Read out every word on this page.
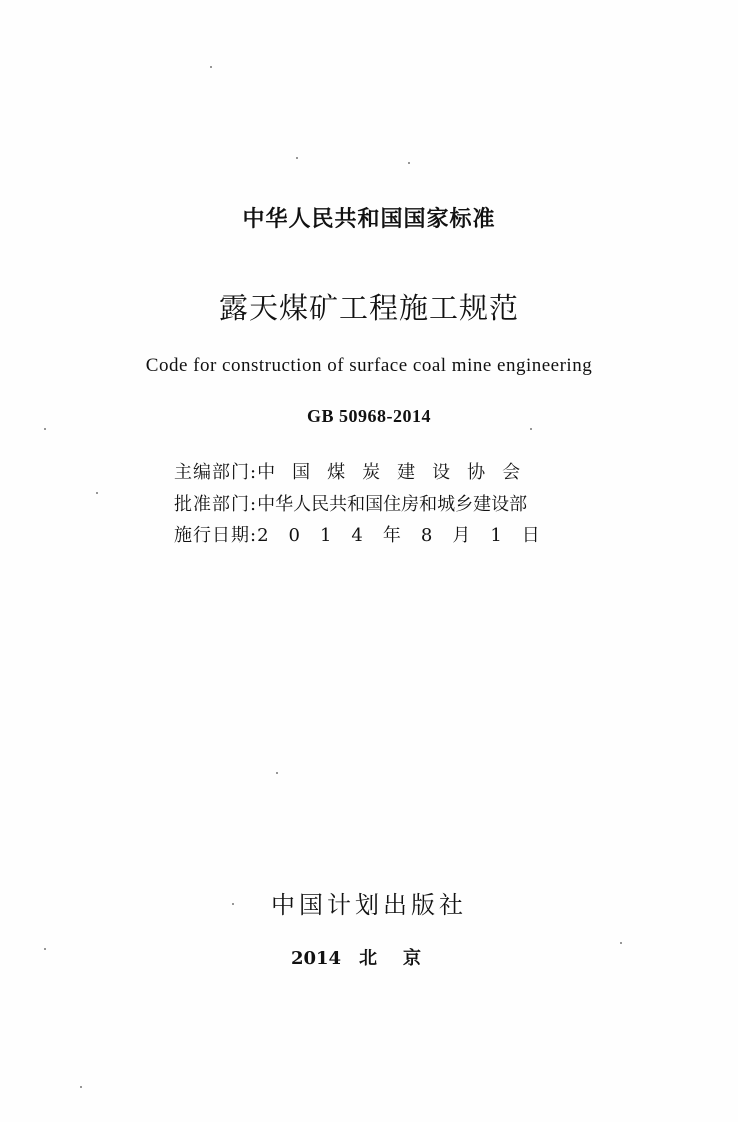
中华人民共和国国家标准
露天煤矿工程施工规范
Code for construction of surface coal mine engineering
GB 50968-2014
主编部门:中国煤炭建设协会
批准部门:中华人民共和国住房和城乡建设部
施行日期:2014年8月1日
中国计划出版社
2014 北京
